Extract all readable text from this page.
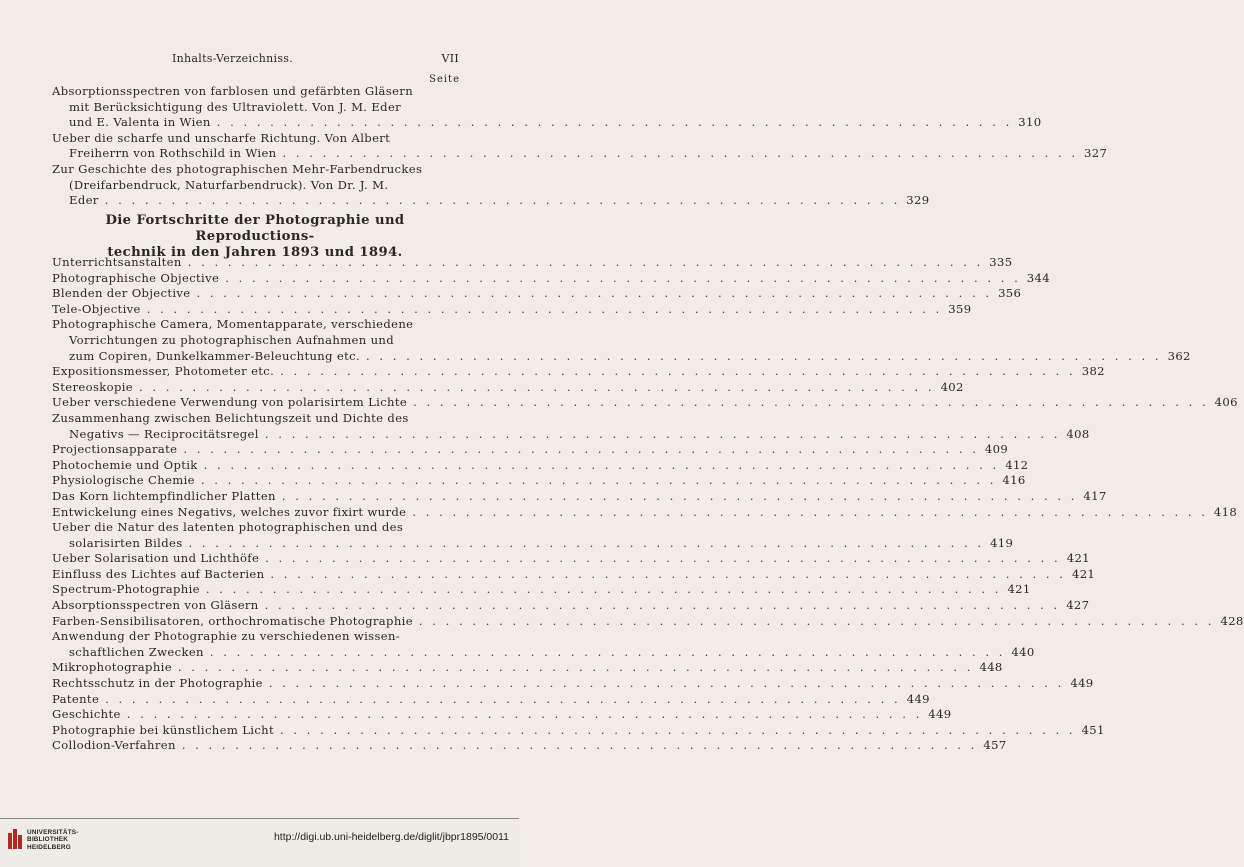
Inhalts-Verzeichniss.	VII
Seite
Absorptionsspectren von farblosen und gefärbten Gläsern
mit Berücksichtigung des Ultraviolett. Von J. M. Eder
und E. Valenta in Wien . . . . . . . . . . . . . . . . . . . . . . . . . . . . . . . . . . . . . . . . . . . . . . . . . . . . . . . . . . . . 310
Ueber die scharfe und unscharfe Richtung. Von Albert
Freiherrn von Rothschild in Wien . . . . . . . . . . . . . . . . . . . . . . . . . . . . . . . . . . . . . . . . . . . . . . . . . . . . . . . . . . . . 327
Zur Geschichte des photographischen Mehr-Farbendruckes
(Dreifarbendruck, Naturfarbendruck). Von Dr. J. M.
Eder . . . . . . . . . . . . . . . . . . . . . . . . . . . . . . . . . . . . . . . . . . . . . . . . . . . . . . . . . . . . 329
Die Fortschritte der Photographie und Reproductions-
technik in den Jahren 1893 und 1894.
Unterrichtsanstalten . . . . . . . . . . . . . . . . . . . . . . . . . . . . . . . . . . . . . . . . . . . . . . . . . . . . . . . . . . . . 335
Photographische Objective . . . . . . . . . . . . . . . . . . . . . . . . . . . . . . . . . . . . . . . . . . . . . . . . . . . . . . . . . . . . 344
Blenden der Objective . . . . . . . . . . . . . . . . . . . . . . . . . . . . . . . . . . . . . . . . . . . . . . . . . . . . . . . . . . . . 356
Tele-Objective . . . . . . . . . . . . . . . . . . . . . . . . . . . . . . . . . . . . . . . . . . . . . . . . . . . . . . . . . . . . 359
Photographische Camera, Momentapparate, verschiedene
Vorrichtungen zu photographischen Aufnahmen und
zum Copiren, Dunkelkammer-Beleuchtung etc. . . . . . . . . . . . . . . . . . . . . . . . . . . . . . . . . . . . . . . . . . . . . . . . . . . . . . . . . . . . . 362
Expositionsmesser, Photometer etc. . . . . . . . . . . . . . . . . . . . . . . . . . . . . . . . . . . . . . . . . . . . . . . . . . . . . . . . . . . . . 382
Stereoskopie . . . . . . . . . . . . . . . . . . . . . . . . . . . . . . . . . . . . . . . . . . . . . . . . . . . . . . . . . . . . 402
Ueber verschiedene Verwendung von polarisirtem Lichte . . . . . . . . . . . . . . . . . . . . . . . . . . . . . . . . . . . . . . . . . . . . . . . . . . . . . . . . . . . . 406
Zusammenhang zwischen Belichtungszeit und Dichte des
Negativs — Reciprocitätsregel . . . . . . . . . . . . . . . . . . . . . . . . . . . . . . . . . . . . . . . . . . . . . . . . . . . . . . . . . . . . 408
Projectionsapparate . . . . . . . . . . . . . . . . . . . . . . . . . . . . . . . . . . . . . . . . . . . . . . . . . . . . . . . . . . . . 409
Photochemie und Optik . . . . . . . . . . . . . . . . . . . . . . . . . . . . . . . . . . . . . . . . . . . . . . . . . . . . . . . . . . . . 412
Physiologische Chemie . . . . . . . . . . . . . . . . . . . . . . . . . . . . . . . . . . . . . . . . . . . . . . . . . . . . . . . . . . . . 416
Das Korn lichtempfindlicher Platten . . . . . . . . . . . . . . . . . . . . . . . . . . . . . . . . . . . . . . . . . . . . . . . . . . . . . . . . . . . . 417
Entwickelung eines Negativs, welches zuvor fixirt wurde . . . . . . . . . . . . . . . . . . . . . . . . . . . . . . . . . . . . . . . . . . . . . . . . . . . . . . . . . . . . 418
Ueber die Natur des latenten photographischen und des
solarisirten Bildes . . . . . . . . . . . . . . . . . . . . . . . . . . . . . . . . . . . . . . . . . . . . . . . . . . . . . . . . . . . . 419
Ueber Solarisation und Lichthöfe . . . . . . . . . . . . . . . . . . . . . . . . . . . . . . . . . . . . . . . . . . . . . . . . . . . . . . . . . . . . 421
Einfluss des Lichtes auf Bacterien . . . . . . . . . . . . . . . . . . . . . . . . . . . . . . . . . . . . . . . . . . . . . . . . . . . . . . . . . . . . 421
Spectrum-Photographie . . . . . . . . . . . . . . . . . . . . . . . . . . . . . . . . . . . . . . . . . . . . . . . . . . . . . . . . . . . . 421
Absorptionsspectren von Gläsern . . . . . . . . . . . . . . . . . . . . . . . . . . . . . . . . . . . . . . . . . . . . . . . . . . . . . . . . . . . . 427
Farben-Sensibilisatoren, orthochromatische Photographie . . . . . . . . . . . . . . . . . . . . . . . . . . . . . . . . . . . . . . . . . . . . . . . . . . . . . . . . . . . . 428
Anwendung der Photographie zu verschiedenen wissen-
schaftlichen Zwecken . . . . . . . . . . . . . . . . . . . . . . . . . . . . . . . . . . . . . . . . . . . . . . . . . . . . . . . . . . . . 440
Mikrophotographie . . . . . . . . . . . . . . . . . . . . . . . . . . . . . . . . . . . . . . . . . . . . . . . . . . . . . . . . . . . . 448
Rechtsschutz in der Photographie . . . . . . . . . . . . . . . . . . . . . . . . . . . . . . . . . . . . . . . . . . . . . . . . . . . . . . . . . . . . 449
Patente . . . . . . . . . . . . . . . . . . . . . . . . . . . . . . . . . . . . . . . . . . . . . . . . . . . . . . . . . . . . 449
Geschichte . . . . . . . . . . . . . . . . . . . . . . . . . . . . . . . . . . . . . . . . . . . . . . . . . . . . . . . . . . . . 449
Photographie bei künstlichem Licht . . . . . . . . . . . . . . . . . . . . . . . . . . . . . . . . . . . . . . . . . . . . . . . . . . . . . . . . . . . . 451
Collodion-Verfahren . . . . . . . . . . . . . . . . . . . . . . . . . . . . . . . . . . . . . . . . . . . . . . . . . . . . . . . . . . . . 457
UNIVERSITÄTS-
BIBLIOTHEK
HEIDELBERG
http://digi.ub.uni-heidelberg.de/diglit/jbpr1895/0011
